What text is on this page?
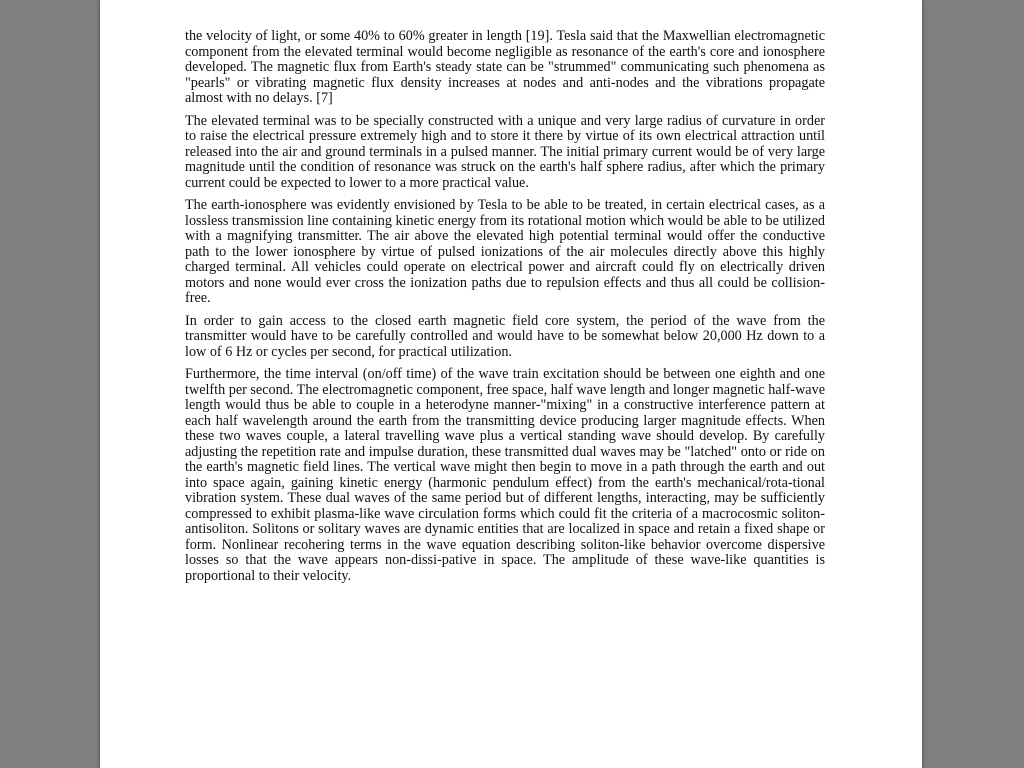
the velocity of light, or some 40% to 60% greater in length [19]. Tesla said that the Maxwellian electromagnetic component from the elevated terminal would become negligible as resonance of the earth's core and ionosphere developed. The magnetic flux from Earth's steady state can be "strummed" communicating such phenomena as "pearls" or vibrating magnetic flux density increases at nodes and anti-nodes and the vibrations propagate almost with no delays. [7]

The elevated terminal was to be specially constructed with a unique and very large radius of curvature in order to raise the electrical pressure extremely high and to store it there by virtue of its own electrical attraction until released into the air and ground terminals in a pulsed manner. The initial primary current would be of very large magnitude until the condition of resonance was struck on the earth's half sphere radius, after which the primary current could be expected to lower to a more practical value.

The earth-ionosphere was evidently envisioned by Tesla to be able to be treated, in certain electrical cases, as a lossless transmission line containing kinetic energy from its rotational motion which would be able to be utilized with a magnifying transmitter. The air above the elevated high potential terminal would offer the conductive path to the lower ionosphere by virtue of pulsed ionizations of the air molecules directly above this highly charged terminal. All vehicles could operate on electrical power and aircraft could fly on electrically driven motors and none would ever cross the ionization paths due to repulsion effects and thus all could be collision-free.

In order to gain access to the closed earth magnetic field core system, the period of the wave from the transmitter would have to be carefully controlled and would have to be somewhat below 20,000 Hz down to a low of 6 Hz or cycles per second, for practical utilization.

Furthermore, the time interval (on/off time) of the wave train excitation should be between one eighth and one twelfth per second. The electromagnetic component, free space, half wave length and longer magnetic half-wave length would thus be able to couple in a heterodyne manner-"mixing" in a constructive interference pattern at each half wavelength around the earth from the transmitting device producing larger magnitude effects. When these two waves couple, a lateral travelling wave plus a vertical standing wave should develop. By carefully adjusting the repetition rate and impulse duration, these transmitted dual waves may be "latched" onto or ride on the earth's magnetic field lines. The vertical wave might then begin to move in a path through the earth and out into space again, gaining kinetic energy (harmonic pendulum effect) from the earth's mechanical/rota-tional vibration system. These dual waves of the same period but of different lengths, interacting, may be sufficiently compressed to exhibit plasma-like wave circulation forms which could fit the criteria of a macrocosmic soliton-antisoliton. Solitons or solitary waves are dynamic entities that are localized in space and retain a fixed shape or form. Nonlinear recohering terms in the wave equation describing soliton-like behavior overcome dispersive losses so that the wave appears non-dissi-pative in space. The amplitude of these wave-like quantities is proportional to their velocity.
